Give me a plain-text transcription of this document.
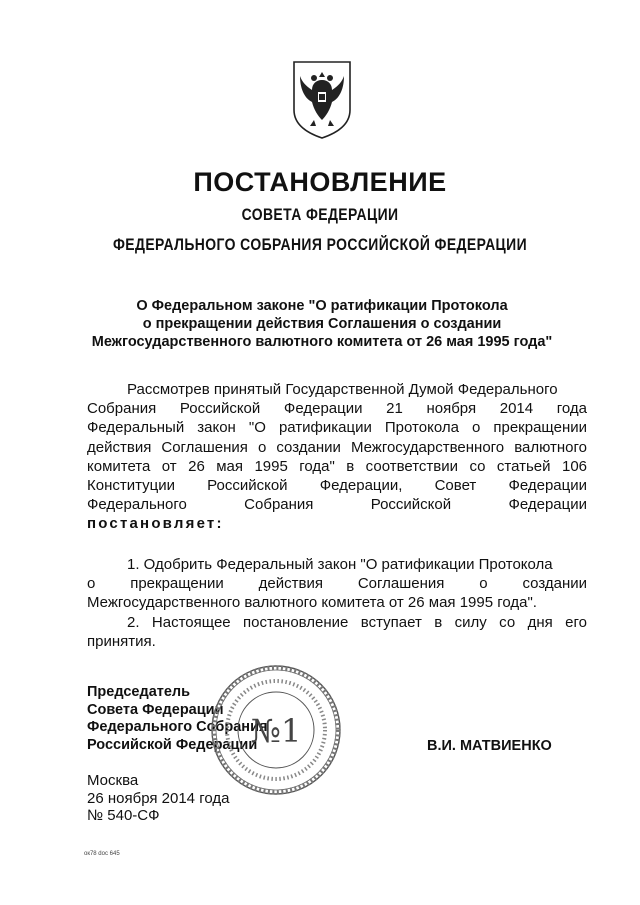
ПОСТАНОВЛЕНИЕ
СОВЕТА ФЕДЕРАЦИИ
ФЕДЕРАЛЬНОГО СОБРАНИЯ РОССИЙСКОЙ ФЕДЕРАЦИИ
О Федеральном законе "О ратификации Протокола
о прекращении действия Соглашения о создании
Межгосударственного валютного комитета от 26 мая 1995 года"
Рассмотрев принятый Государственной Думой Федерального
Собрания Российской Федерации 21 ноября 2014 года
Федеральный закон "О ратификации Протокола о прекращении
действия Соглашения о создании Межгосударственного валютного
комитета от 26 мая 1995 года" в соответствии со статьей 106
Конституции Российской Федерации, Совет Федерации
Федерального Собрания Российской Федерации
постановляет:
1. Одобрить Федеральный закон "О ратификации Протокола
о прекращении действия Соглашения о создании
Межгосударственного валютного комитета от 26 мая 1995 года".
2. Настоящее постановление вступает в силу со дня его
принятия.
Председатель
Совета Федерации
Федерального Собрания
Российской Федерации	В.И. МАТВИЕНКО
Москва
26 ноября 2014 года
№ 540-СФ
№1
ок78 doc 645
